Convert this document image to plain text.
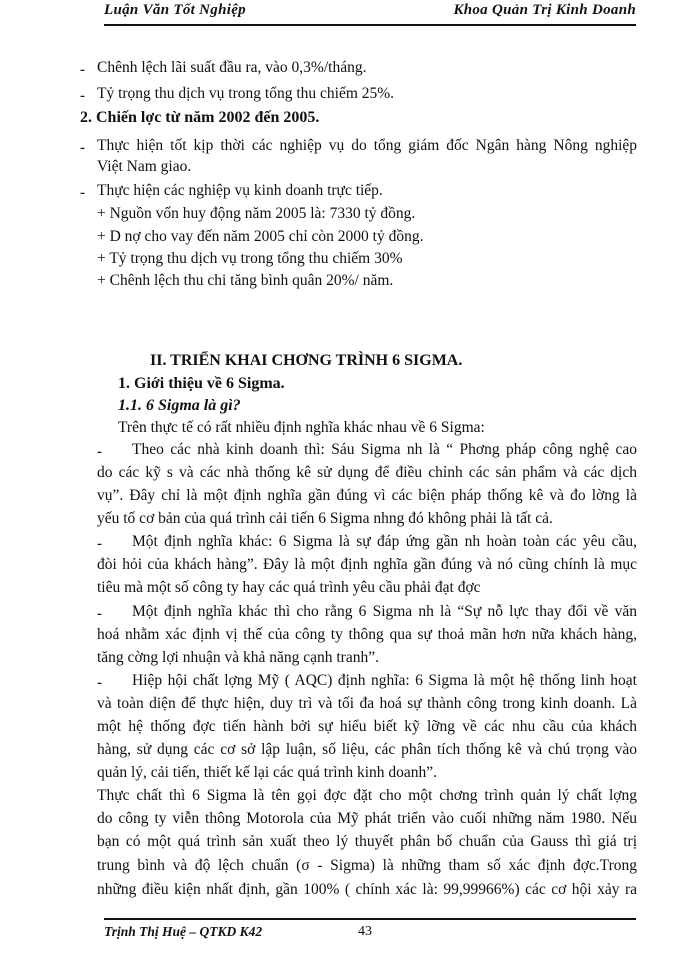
Luận Văn Tốt Nghiệp	Khoa Quản Trị Kinh Doanh
- Chênh lệch lãi suất đầu ra, vào 0,3%/tháng.
- Tỷ trọng thu dịch vụ trong tổng thu chiếm 25%.
2. Chiến lợc từ năm 2002 đến 2005.
- Thực hiện tốt kịp thời các nghiệp vụ do tổng giám đốc Ngân hàng Nông nghiệp
Việt Nam giao.
- Thực hiện các nghiệp vụ kinh doanh trực tiếp.
+ Nguồn vốn huy động năm 2005 là: 7330 tỷ đồng.
+ D nợ cho vay đến năm 2005 chỉ còn 2000 tỷ đồng.
+ Tỷ trọng thu dịch vụ trong tổng thu chiếm 30%
+ Chênh lệch thu chi tăng bình quân 20%/ năm.
II. TRIỂN KHAI CHƠNG TRÌNH 6 SIGMA.
1. Giới thiệu về 6 Sigma.
1.1. 6 Sigma là gì?
Trên thực tế có rất nhiều định nghĩa khác nhau về 6 Sigma:
- Theo các nhà kinh doanh thì: Sáu Sigma nh là “ Phơng pháp công nghệ cao
do các kỹ s và các nhà thống kê sử dụng để điều chỉnh các sản phẩm và các dịch
vụ”. Đây chỉ là một định nghĩa gần đúng vì các biện pháp thống kê và đo lờng là
yếu tố cơ bản của quá trình cải tiến 6 Sigma nhng đó không phải là tất cả.
- Một định nghĩa khác: 6 Sigma là sự đáp ứng gần nh hoàn toàn các yêu cầu,
đòi hỏi của khách hàng”. Đây là một định nghĩa gần đúng và nó cũng chính là mục
tiêu mà một số công ty hay các quá trình yêu cầu phải đạt đợc
- Một định nghĩa khác thì cho rằng 6 Sigma nh là “Sự nỗ lực thay đổi về văn
hoá nhằm xác định vị thế của công ty thông qua sự thoả mãn hơn nữa khách hàng,
tăng cờng lợi nhuận và khả năng cạnh tranh”.
- Hiệp hội chất lợng Mỹ ( AQC) định nghĩa: 6 Sigma là một hệ thống linh hoạt
và toàn diện để thực hiện, duy trì và tối đa hoá sự thành công trong kinh doanh. Là
một hệ thống đợc tiến hành bởi sự hiểu biết kỹ lỡng về các nhu cầu của khách
hàng, sử dụng các cơ sở lập luận, số liệu, các phân tích thống kê và chú trọng vào
quản lý, cải tiến, thiết kế lại các quá trình kinh doanh”.
Thực chất thì 6 Sigma là tên gọi đợc đặt cho một chơng trình quản lý chất lợng
do công ty viễn thông Motorola của Mỹ phát triển vào cuối những năm 1980. Nếu
bạn có một quá trình sản xuất theo lý thuyết phân bố chuẩn của Gauss thì giá trị
trung bình và độ lệch chuẩn (σ - Sigma) là những tham số xác định đợc.Trong
những điều kiện nhất định, gần 100% ( chính xác là: 99,99966%) các cơ hội xảy ra
Trịnh Thị Huệ – QTKD K42	43
